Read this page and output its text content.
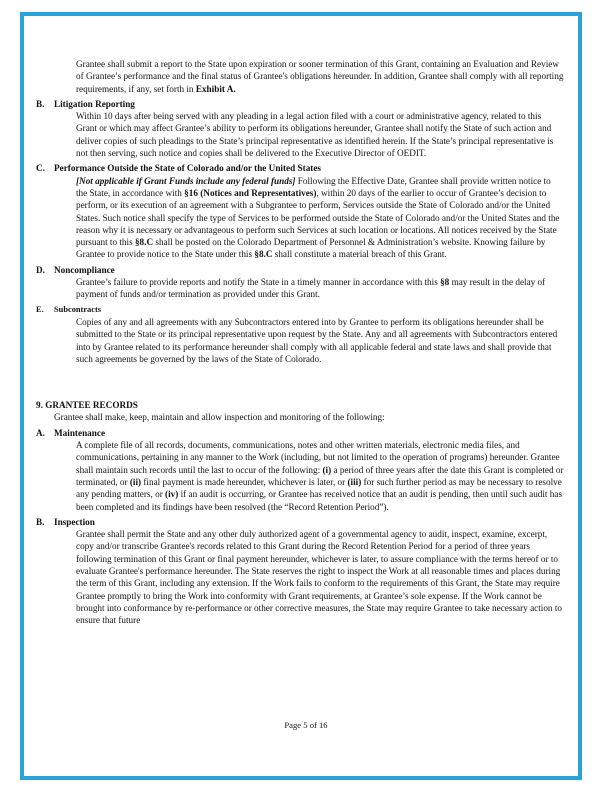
Grantee shall submit a report to the State upon expiration or sooner termination of this Grant, containing an Evaluation and Review of Grantee’s performance and the final status of Grantee's obligations hereunder. In addition, Grantee shall comply with all reporting requirements, if any, set forth in Exhibit A.

B. Litigation Reporting

Within 10 days after being served with any pleading in a legal action filed with a court or administrative agency, related to this Grant or which may affect Grantee’s ability to perform its obligations hereunder, Grantee shall notify the State of such action and deliver copies of such pleadings to the State’s principal representative as identified herein. If the State’s principal representative is not then serving, such notice and copies shall be delivered to the Executive Director of OEDIT.

C. Performance Outside the State of Colorado and/or the United States

[Not applicable if Grant Funds include any federal funds] Following the Effective Date, Grantee shall provide written notice to the State, in accordance with §16 (Notices and Representatives), within 20 days of the earlier to occur of Grantee’s decision to perform, or its execution of an agreement with a Subgrantee to perform, Services outside the State of Colorado and/or the United States. Such notice shall specify the type of Services to be performed outside the State of Colorado and/or the United States and the reason why it is necessary or advantageous to perform such Services at such location or locations. All notices received by the State pursuant to this §8.C shall be posted on the Colorado Department of Personnel & Administration’s website. Knowing failure by Grantee to provide notice to the State under this §8.C shall constitute a material breach of this Grant.

D. Noncompliance

Grantee’s failure to provide reports and notify the State in a timely manner in accordance with this §8 may result in the delay of payment of funds and/or termination as provided under this Grant.

E. Subcontracts

Copies of any and all agreements with any Subcontractors entered into by Grantee to perform its obligations hereunder shall be submitted to the State or its principal representative upon request by the State. Any and all agreements with Subcontractors entered into by Grantee related to its performance hereunder shall comply with all applicable federal and state laws and shall provide that such agreements be governed by the laws of the State of Colorado.

9. GRANTEE RECORDS

Grantee shall make, keep, maintain and allow inspection and monitoring of the following:

A. Maintenance

A complete file of all records, documents, communications, notes and other written materials, electronic media files, and communications, pertaining in any manner to the Work (including, but not limited to the operation of programs) hereunder. Grantee shall maintain such records until the last to occur of the following: (i) a period of three years after the date this Grant is completed or terminated, or (ii) final payment is made hereunder, whichever is later, or (iii) for such further period as may be necessary to resolve any pending matters, or (iv) if an audit is occurring, or Grantee has received notice that an audit is pending, then until such audit has been completed and its findings have been resolved (the “Record Retention Period”).

B. Inspection

Grantee shall permit the State and any other duly authorized agent of a governmental agency to audit, inspect, examine, excerpt, copy and/or transcribe Grantee's records related to this Grant during the Record Retention Period for a period of three years following termination of this Grant or final payment hereunder, whichever is later, to assure compliance with the terms hereof or to evaluate Grantee's performance hereunder. The State reserves the right to inspect the Work at all reasonable times and places during the term of this Grant, including any extension. If the Work fails to conform to the requirements of this Grant, the State may require Grantee promptly to bring the Work into conformity with Grant requirements, at Grantee’s sole expense. If the Work cannot be brought into conformance by re-performance or other corrective measures, the State may require Grantee to take necessary action to ensure that future

Page 5 of 16
